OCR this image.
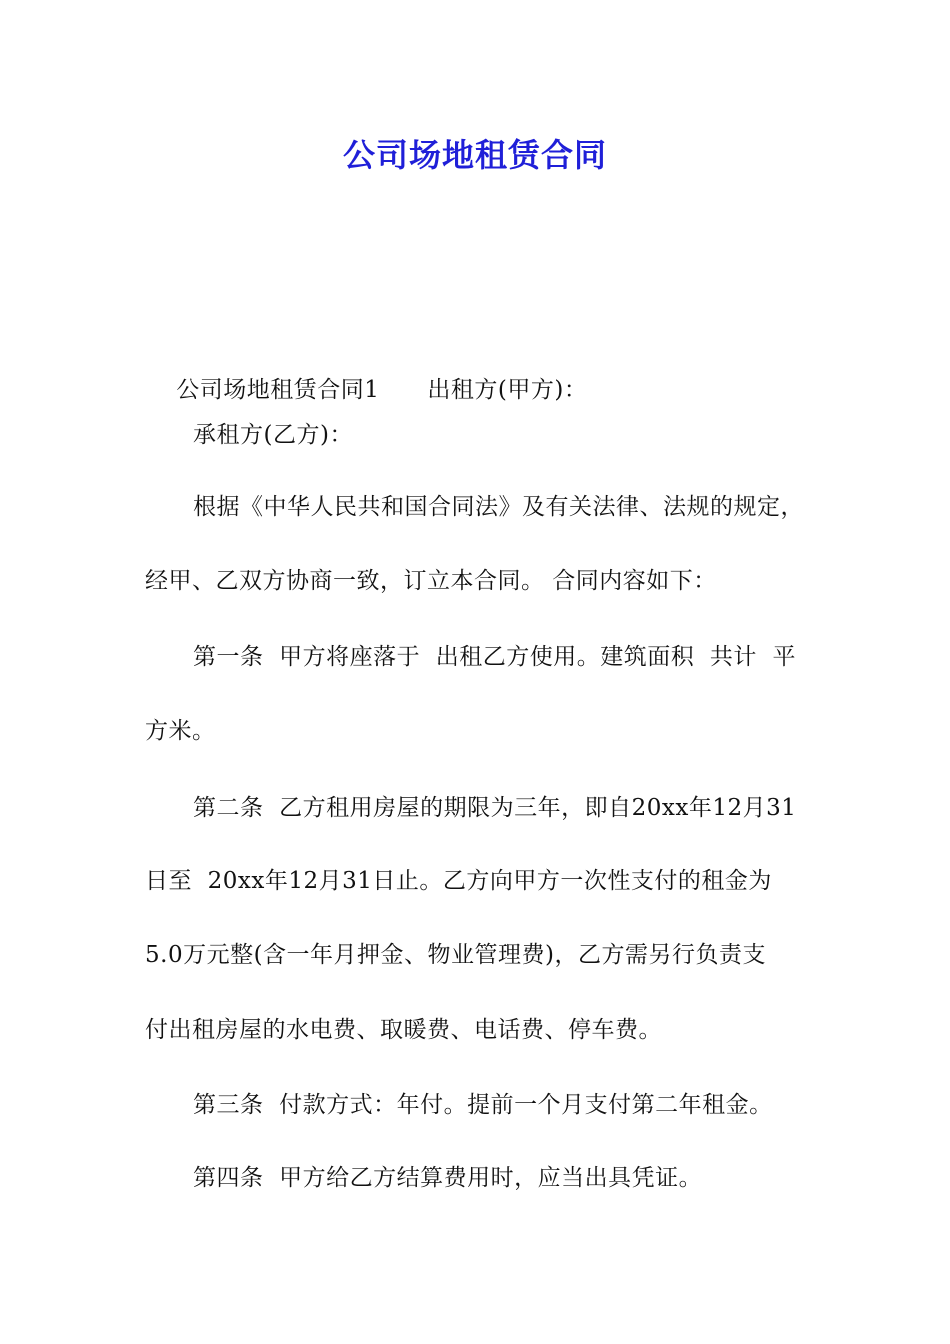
公司场地租赁合同

公司场地租赁合同1 出租方(甲方)：

承租方(乙方)：
根据《中华人民共和国合同法》及有关法律、法规的规定，
经甲、乙双方协商一致，订立本合同。 合同内容如下：
第一条  甲方将座落于  出租乙方使用。建筑面积  共计  平
方米。
第二条  乙方租用房屋的期限为三年，即自20xx年12月31
日至  20xx年12月31日止。乙方向甲方一次性支付的租金为
5.0万元整(含一年月押金、物业管理费)，乙方需另行负责支
付出租房屋的水电费、取暖费、电话费、停车费。
第三条  付款方式：年付。提前一个月支付第二年租金。
第四条  甲方给乙方结算费用时，应当出具凭证。
